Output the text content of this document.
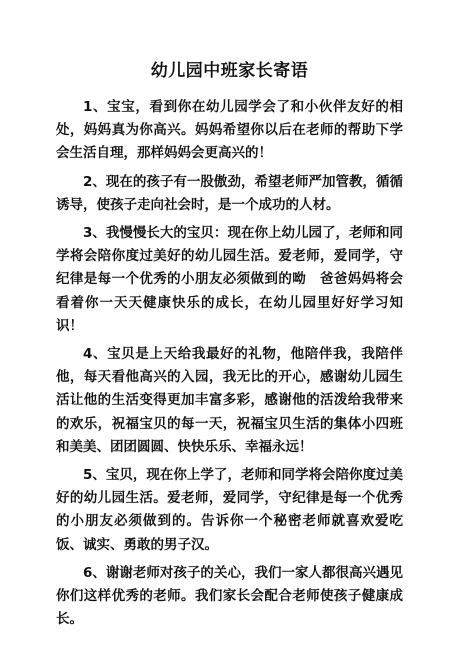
幼儿园中班家长寄语

1、宝宝，看到你在幼儿园学会了和小伙伴友好的相处，妈妈真为你高兴。妈妈希望你以后在老师的帮助下学会生活自理，那样妈妈会更高兴的！

2、现在的孩子有一股傲劲，希望老师严加管教，循循诱导，使孩子走向社会时，是一个成功的人材。

3、我慢慢长大的宝贝：现在你上幼儿园了，老师和同学将会陪你度过美好的幼儿园生活。爱老师，爱同学，守纪律是每一个优秀的小朋友必须做到的呦　爸爸妈妈将会看着你一天天健康快乐的成长，在幼儿园里好好学习知识！

4、宝贝是上天给我最好的礼物，他陪伴我，我陪伴他，每天看他高兴的入园，我无比的开心，感谢幼儿园生活让他的生活变得更加丰富多彩，感谢他的活泼给我带来的欢乐，祝福宝贝的每一天，祝福宝贝生活的集体小四班和美美、团团圆圆、快快乐乐、幸福永远！

5、宝贝，现在你上学了，老师和同学将会陪你度过美好的幼儿园生活。爱老师，爱同学，守纪律是每一个优秀的小朋友必须做到的。告诉你一个秘密老师就喜欢爱吃饭、诚实、勇敢的男子汉。

6、谢谢老师对孩子的关心，我们一家人都很高兴遇见你们这样优秀的老师。我们家长会配合老师使孩子健康成长。
